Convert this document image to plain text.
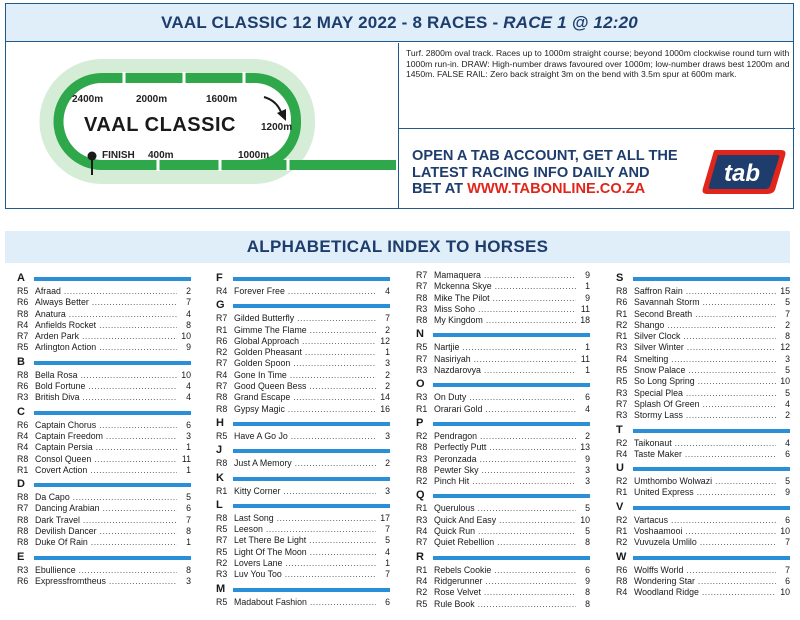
VAAL CLASSIC 12 MAY 2022 - 8 RACES - RACE 1 @ 12:20
2400m	2000m	1600m
1200m
VAAL CLASSIC
FINISH 400m	1000m
Turf. 2800m oval track. Races up to 1000m straight course; beyond 1000m clockwise round turn with 1000m run-in. DRAW: High-number draws favoured over 1000m; low-number draws best 1200m and 1450m. FALSE RAIL: Zero back straight 3m on the bend with 3.5m spur at 600m mark.
OPEN A TAB ACCOUNT, GET ALL THE
LATEST RACING INFO DAILY AND
BET AT WWW.TABONLINE.CO.ZA
tab
ALPHABETICAL INDEX TO HORSES
A
R5 Afraad .....	2
R6 Always Better .....	7
R8 Anatura .....	4
R4 Anfields Rocket .....	8
R7 Arden Park .....	10
R5 Arlington Action .....	9
B
R8 Bella Rosa .....	10
R6 Bold Fortune .....	4
R3 British Diva .....	4
C
R6 Captain Chorus .....	6
R4 Captain Freedom .....	3
R4 Captain Persia .....	1
R8 Consol Queen .....	11
R1 Covert Action .....	1
D
R8 Da Capo .....	5
R7 Dancing Arabian .....	6
R8 Dark Travel .....	7
R8 Devilish Dancer .....	8
R8 Duke Of Rain .....	1
E
R3 Ebullience .....	8
R6 Expressfromtheus .....	3
F
R4 Forever Free .....	4
G
R7 Gilded Butterfly .....	7
R1 Gimme The Flame .....	2
R6 Global Approach .....	12
R2 Golden Pheasant .....	1
R7 Golden Spoon .....	3
R4 Gone In Time .....	2
R7 Good Queen Bess .....	2
R8 Grand Escape .....	14
R8 Gypsy Magic .....	16
H
R5 Have A Go Jo .....	3
J
R8 Just A Memory .....	2
K
R1 Kitty Corner .....	3
L
R8 Last Song .....	17
R5 Leeson .....	7
R7 Let There Be Light .....	5
R5 Light Of The Moon .....	4
R2 Lovers Lane .....	1
R3 Luv You Too .....	7
M
R5 Madabout Fashion .....	6
R7 Mamaquera .....	9
R7 Mckenna Skye .....	1
R8 Mike The Pilot .....	9
R3 Miss Soho .....	11
R8 My Kingdom .....	18
N
R5 Nartjie .....	1
R7 Nasiriyah .....	11
R3 Nazdarovya .....	1
O
R3 On Duty .....	6
R1 Orarari Gold .....	4
P
R2 Pendragon .....	2
R8 Perfectly Putt .....	13
R3 Peronzada .....	9
R8 Pewter Sky .....	3
R2 Pinch Hit .....	3
Q
R1 Querulous .....	5
R3 Quick And Easy .....	10
R4 Quick Run .....	5
R7 Quiet Rebellion .....	8
R
R1 Rebels Cookie .....	6
R4 Ridgerunner .....	9
R2 Rose Velvet .....	8
R5 Rule Book .....	8
S
R8 Saffron Rain .....	15
R6 Savannah Storm .....	5
R1 Second Breath .....	7
R2 Shango .....	2
R1 Silver Clock .....	8
R3 Silver Winter .....	12
R4 Smelting .....	3
R5 Snow Palace .....	5
R5 So Long Spring .....	10
R3 Special Plea .....	5
R7 Splash Of Green .....	4
R3 Stormy Lass .....	2
T
R2 Taikonaut .....	4
R4 Taste Maker .....	6
U
R2 Umthombo Wolwazi .....	5
R1 United Express .....	9
V
R2 Vartacus .....	6
R1 Voshaamooi .....	10
R2 Vuvuzela Umlilo .....	7
W
R6 Wolffs World .....	7
R8 Wondering Star .....	6
R4 Woodland Ridge .....	10
